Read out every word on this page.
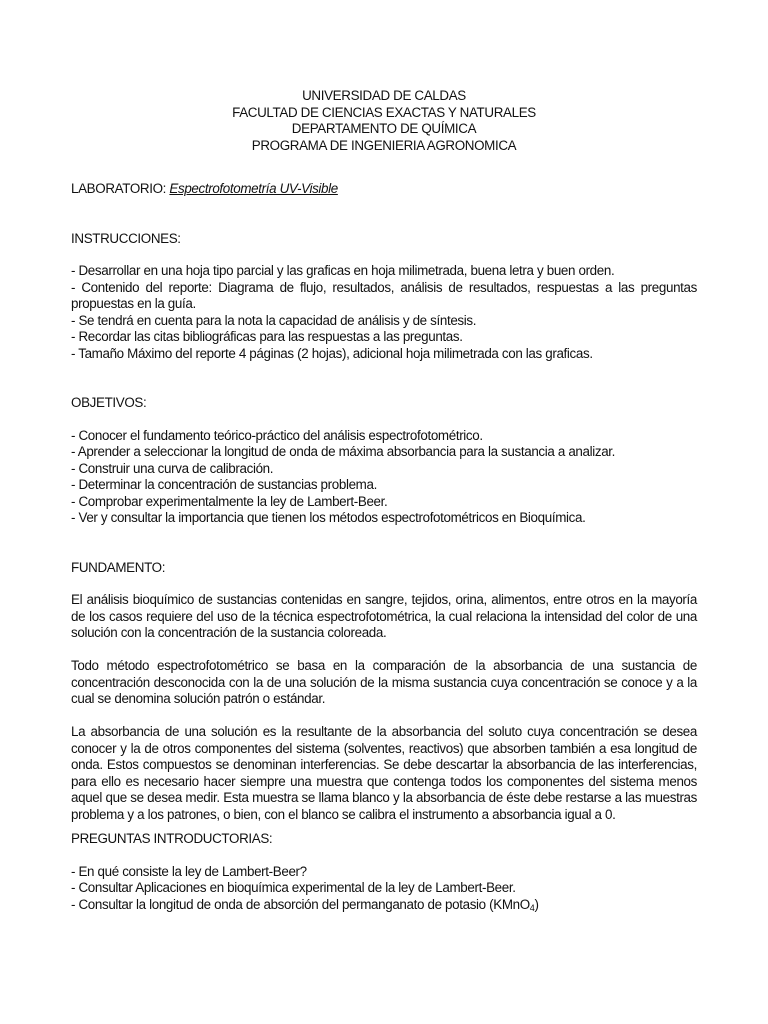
UNIVERSIDAD DE CALDAS
FACULTAD DE CIENCIAS EXACTAS Y NATURALES
DEPARTAMENTO DE QUÍMICA
PROGRAMA DE INGENIERIA AGRONOMICA
LABORATORIO: Espectrofotometría UV-Visible
INSTRUCCIONES:
- Desarrollar en una hoja tipo parcial y las graficas en hoja milimetrada, buena letra y buen orden.
- Contenido del reporte: Diagrama de flujo, resultados, análisis de resultados, respuestas a las preguntas propuestas en la guía.
- Se tendrá en cuenta para la nota la capacidad de análisis y de síntesis.
- Recordar las citas bibliográficas para las respuestas a las preguntas.
- Tamaño Máximo del reporte 4 páginas (2 hojas), adicional hoja milimetrada con las graficas.
OBJETIVOS:
- Conocer el fundamento teórico-práctico del análisis espectrofotométrico.
- Aprender a seleccionar la longitud de onda de máxima absorbancia para la sustancia a analizar.
- Construir una curva de calibración.
- Determinar la concentración de sustancias problema.
- Comprobar experimentalmente la ley de Lambert-Beer.
- Ver y consultar la importancia que tienen los métodos espectrofotométricos en Bioquímica.
FUNDAMENTO:
El análisis bioquímico de sustancias contenidas en sangre, tejidos, orina, alimentos, entre otros en la mayoría de los casos requiere del uso de la técnica espectrofotométrica, la cual relaciona la intensidad del color de una solución con la concentración de la sustancia coloreada.
Todo método espectrofotométrico se basa en la comparación de la absorbancia de una sustancia de concentración desconocida con la de una solución de la misma sustancia cuya concentración se conoce y a la cual se denomina solución patrón o estándar.
La absorbancia de una solución es la resultante de la absorbancia del soluto cuya concentración se desea conocer y la de otros componentes del sistema (solventes, reactivos) que absorben también a esa longitud de onda. Estos compuestos se denominan interferencias. Se debe descartar la absorbancia de las interferencias, para ello es necesario hacer siempre una muestra que contenga todos los componentes del sistema menos aquel que se desea medir. Esta muestra se llama blanco y la absorbancia de éste debe restarse a las muestras problema y a los patrones, o bien, con el blanco se calibra el instrumento a absorbancia igual a 0.
PREGUNTAS INTRODUCTORIAS:
- En qué consiste la ley de Lambert-Beer?
- Consultar Aplicaciones en bioquímica experimental de la ley de Lambert-Beer.
- Consultar la longitud de onda de absorción del permanganato de potasio (KMnO$_4$)
